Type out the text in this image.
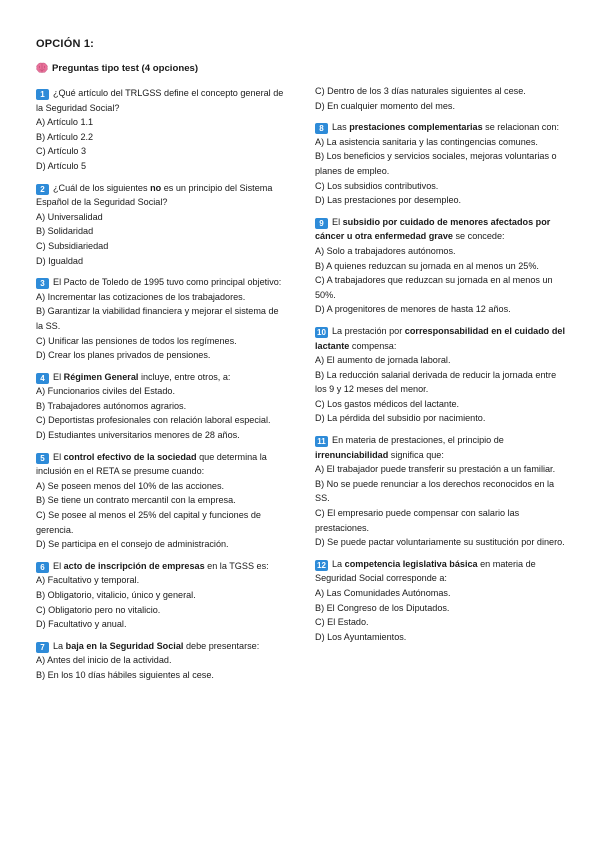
OPCIÓN 1:
Preguntas tipo test (4 opciones)

1 ¿Qué artículo del TRLGSS define el concepto general de la Seguridad Social?

A) Artículo 1.1

B) Artículo 2.2

C) Artículo 3

D) Artículo 5

2 ¿Cuál de los siguientes no es un principio del Sistema Español de la Seguridad Social?

A) Universalidad

B) Solidaridad

C) Subsidiariedad

D) Igualdad

3 El Pacto de Toledo de 1995 tuvo como principal objetivo:

A) Incrementar las cotizaciones de los trabajadores.

B) Garantizar la viabilidad financiera y mejorar el sistema de la SS.

C) Unificar las pensiones de todos los regímenes.

D) Crear los planes privados de pensiones.

4 El Régimen General incluye, entre otros, a:

A) Funcionarios civiles del Estado.

B) Trabajadores autónomos agrarios.

C) Deportistas profesionales con relación laboral especial.

D) Estudiantes universitarios menores de 28 años.

5 El control efectivo de la sociedad que determina la inclusión en el RETA se presume cuando:

A) Se poseen menos del 10% de las acciones.

B) Se tiene un contrato mercantil con la empresa.

C) Se posee al menos el 25% del capital y funciones de gerencia.

D) Se participa en el consejo de administración.

6 El acto de inscripción de empresas en la TGSS es:

A) Facultativo y temporal.

B) Obligatorio, vitalicio, único y general.

C) Obligatorio pero no vitalicio.

D) Facultativo y anual.

7 La baja en la Seguridad Social debe presentarse:

A) Antes del inicio de la actividad.

B) En los 10 días hábiles siguientes al cese.

C) Dentro de los 3 días naturales siguientes al cese.

D) En cualquier momento del mes.

8 Las prestaciones complementarias se relacionan con:

A) La asistencia sanitaria y las contingencias comunes.

B) Los beneficios y servicios sociales, mejoras voluntarias o planes de empleo.

C) Los subsidios contributivos.

D) Las prestaciones por desempleo.

9 El subsidio por cuidado de menores afectados por cáncer u otra enfermedad grave se concede:

A) Solo a trabajadores autónomos.

B) A quienes reduzcan su jornada en al menos un 25%.

C) A trabajadores que reduzcan su jornada en al menos un 50%.

D) A progenitores de menores de hasta 12 años.

10 La prestación por corresponsabilidad en el cuidado del lactante compensa:

A) El aumento de jornada laboral.

B) La reducción salarial derivada de reducir la jornada entre los 9 y 12 meses del menor.

C) Los gastos médicos del lactante.

D) La pérdida del subsidio por nacimiento.

11 En materia de prestaciones, el principio de irrenunciabilidad significa que:

A) El trabajador puede transferir su prestación a un familiar.

B) No se puede renunciar a los derechos reconocidos en la SS.

C) El empresario puede compensar con salario las prestaciones.

D) Se puede pactar voluntariamente su sustitución por dinero.

12 La competencia legislativa básica en materia de Seguridad Social corresponde a:

A) Las Comunidades Autónomas.

B) El Congreso de los Diputados.

C) El Estado.

D) Los Ayuntamientos.
